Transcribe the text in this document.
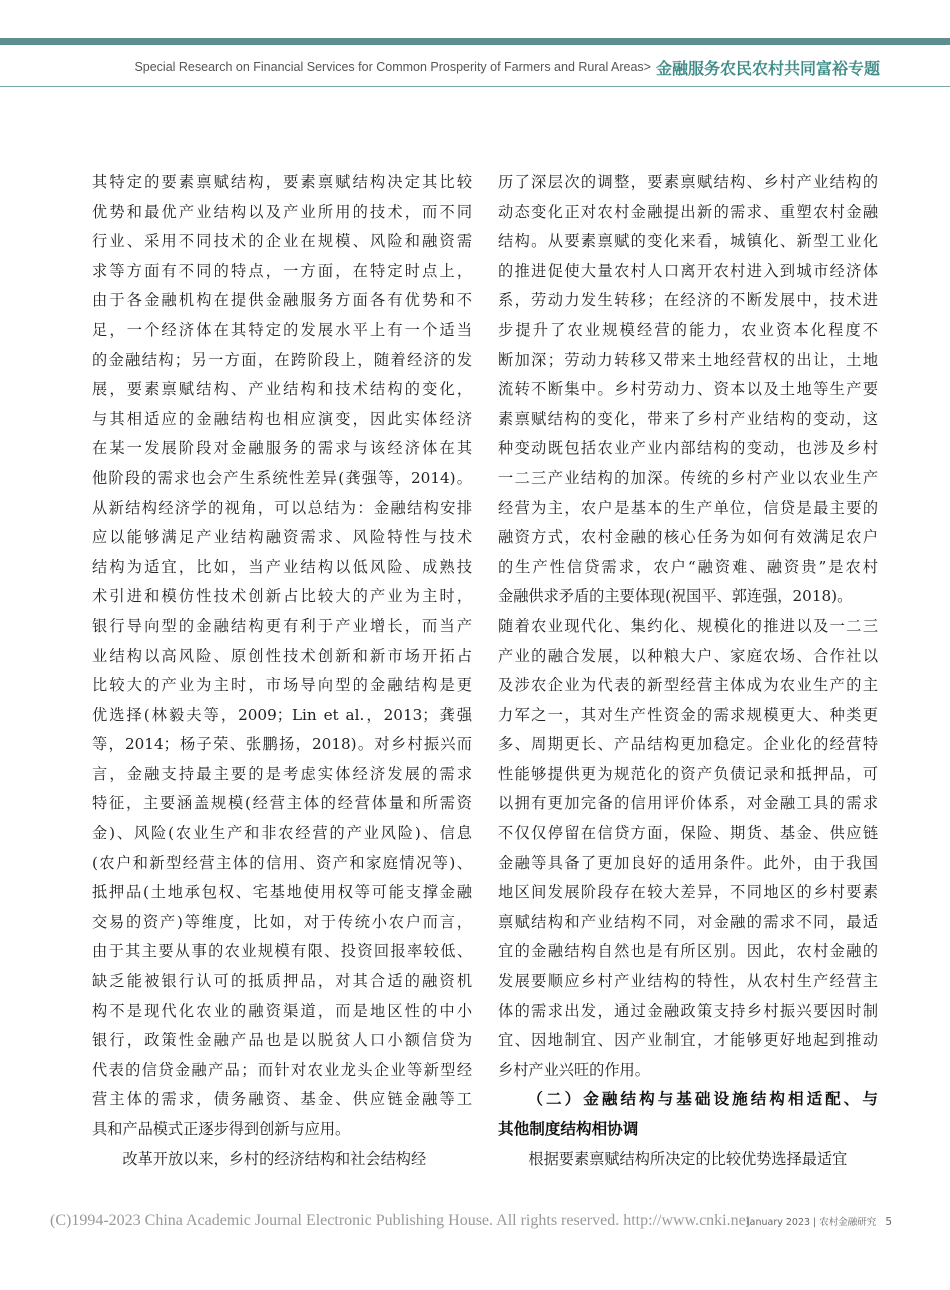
Special Research on Financial Services for Common Prosperity of Farmers and Rural Areas> 金融服务农民农村共同富裕专题
其特定的要素禀赋结构，要素禀赋结构决定其比较
优势和最优产业结构以及产业所用的技术，而不同
行业、采用不同技术的企业在规模、风险和融资需
求等方面有不同的特点，一方面，在特定时点上，
由于各金融机构在提供金融服务方面各有优势和不
足，一个经济体在其特定的发展水平上有一个适当
的金融结构；另一方面，在跨阶段上，随着经济的发
展，要素禀赋结构、产业结构和技术结构的变化，
与其相适应的金融结构也相应演变，因此实体经济
在某一发展阶段对金融服务的需求与该经济体在其
他阶段的需求也会产生系统性差异(龚强等，2014)。
从新结构经济学的视角，可以总结为：金融结构安排
应以能够满足产业结构融资需求、风险特性与技术
结构为适宜，比如，当产业结构以低风险、成熟技
术引进和模仿性技术创新占比较大的产业为主时，
银行导向型的金融结构更有利于产业增长，而当产
业结构以高风险、原创性技术创新和新市场开拓占
比较大的产业为主时，市场导向型的金融结构是更
优选择(林毅夫等，2009；Lin et al.，2013；龚强
等，2014；杨子荣、张鹏扬，2018)。对乡村振兴而
言，金融支持最主要的是考虑实体经济发展的需求
特征，主要涵盖规模(经营主体的经营体量和所需资
金)、风险(农业生产和非农经营的产业风险)、信息
(农户和新型经营主体的信用、资产和家庭情况等)、
抵押品(土地承包权、宅基地使用权等可能支撑金融
交易的资产)等维度，比如，对于传统小农户而言，
由于其主要从事的农业规模有限、投资回报率较低、
缺乏能被银行认可的抵质押品，对其合适的融资机
构不是现代化农业的融资渠道，而是地区性的中小
银行，政策性金融产品也是以脱贫人口小额信贷为
代表的信贷金融产品；而针对农业龙头企业等新型经
营主体的需求，债务融资、基金、供应链金融等工
具和产品模式正逐步得到创新与应用。
　　改革开放以来，乡村的经济结构和社会结构经
历了深层次的调整，要素禀赋结构、乡村产业结构的
动态变化正对农村金融提出新的需求、重塑农村金融
结构。从要素禀赋的变化来看，城镇化、新型工业化
的推进促使大量农村人口离开农村进入到城市经济体
系，劳动力发生转移；在经济的不断发展中，技术进
步提升了农业规模经营的能力，农业资本化程度不
断加深；劳动力转移又带来土地经营权的出让，土地
流转不断集中。乡村劳动力、资本以及土地等生产要
素禀赋结构的变化，带来了乡村产业结构的变动，这
种变动既包括农业产业内部结构的变动，也涉及乡村
一二三产业结构的加深。传统的乡村产业以农业生产
经营为主，农户是基本的生产单位，信贷是最主要的
融资方式，农村金融的核心任务为如何有效满足农户
的生产性信贷需求，农户“融资难、融资贵”是农村
金融供求矛盾的主要体现(祝国平、郭连强，2018)。
随着农业现代化、集约化、规模化的推进以及一二三
产业的融合发展，以种粮大户、家庭农场、合作社以
及涉农企业为代表的新型经营主体成为农业生产的主
力军之一，其对生产性资金的需求规模更大、种类更
多、周期更长、产品结构更加稳定。企业化的经营特
性能够提供更为规范化的资产负债记录和抵押品，可
以拥有更加完备的信用评价体系，对金融工具的需求
不仅仅停留在信贷方面，保险、期货、基金、供应链
金融等具备了更加良好的适用条件。此外，由于我国
地区间发展阶段存在较大差异，不同地区的乡村要素
禀赋结构和产业结构不同，对金融的需求不同，最适
宜的金融结构自然也是有所区别。因此，农村金融的
发展要顺应乡村产业结构的特性，从农村生产经营主
体的需求出发，通过金融政策支持乡村振兴要因时制
宜、因地制宜、因产业制宜，才能够更好地起到推动
乡村产业兴旺的作用。
　　（二）金融结构与基础设施结构相适配、与
其他制度结构相协调
　　根据要素禀赋结构所决定的比较优势选择最适宜
(C)1994-2023 China Academic Journal Electronic Publishing House. All rights reserved. http://www.cnki.net
January 2023 | 农村金融研究 5
